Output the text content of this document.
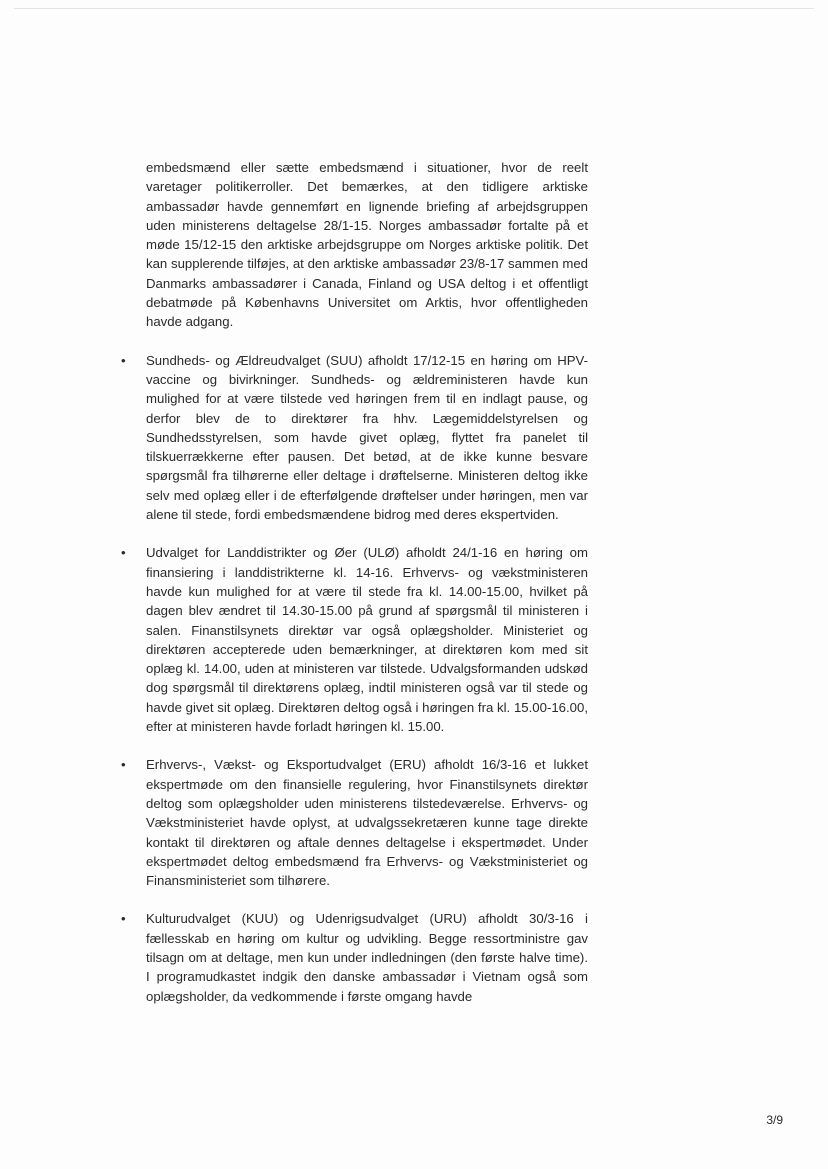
embedsmænd eller sætte embedsmænd i situationer, hvor de reelt varetager politikerroller. Det bemærkes, at den tidligere arktiske ambassadør havde gennemført en lignende briefing af arbejdsgruppen uden ministerens deltagelse 28/1-15. Norges ambassadør fortalte på et møde 15/12-15 den arktiske arbejdsgruppe om Norges arktiske politik. Det kan supplerende tilføjes, at den arktiske ambassadør 23/8-17 sammen med Danmarks ambassadører i Canada, Finland og USA deltog i et offentligt debatmøde på Københavns Universitet om Arktis, hvor offentligheden havde adgang.

• Sundheds- og Ældreudvalget (SUU) afholdt 17/12-15 en høring om HPV-vaccine og bivirkninger. Sundheds- og ældreministeren havde kun mulighed for at være tilstede ved høringen frem til en indlagt pause, og derfor blev de to direktører fra hhv. Lægemiddelstyrelsen og Sundhedsstyrelsen, som havde givet oplæg, flyttet fra panelet til tilskuerrækkerne efter pausen. Det betød, at de ikke kunne besvare spørgsmål fra tilhørerne eller deltage i drøftelserne. Ministeren deltog ikke selv med oplæg eller i de efterfølgende drøftelser under høringen, men var alene til stede, fordi embedsmændene bidrog med deres ekspertviden.
• Udvalget for Landdistrikter og Øer (ULØ) afholdt 24/1-16 en høring om finansiering i landdistrikterne kl. 14-16. Erhvervs- og vækstministeren havde kun mulighed for at være til stede fra kl. 14.00-15.00, hvilket på dagen blev ændret til 14.30-15.00 på grund af spørgsmål til ministeren i salen. Finanstilsynets direktør var også oplægsholder. Ministeriet og direktøren accepterede uden bemærkninger, at direktøren kom med sit oplæg kl. 14.00, uden at ministeren var tilstede. Udvalgsformanden udskød dog spørgsmål til direktørens oplæg, indtil ministeren også var til stede og havde givet sit oplæg. Direktøren deltog også i høringen fra kl. 15.00-16.00, efter at ministeren havde forladt høringen kl. 15.00.
• Erhvervs-, Vækst- og Eksportudvalget (ERU) afholdt 16/3-16 et lukket ekspertmøde om den finansielle regulering, hvor Finanstilsynets direktør deltog som oplægsholder uden ministerens tilstedeværelse. Erhvervs- og Vækstministeriet havde oplyst, at udvalgssekretæren kunne tage direkte kontakt til direktøren og aftale dennes deltagelse i ekspertmødet. Under ekspertmødet deltog embedsmænd fra Erhvervs- og Vækstministeriet og Finansministeriet som tilhørere.
• Kulturudvalget (KUU) og Udenrigsudvalget (URU) afholdt 30/3-16 i fællesskab en høring om kultur og udvikling. Begge ressortministre gav tilsagn om at deltage, men kun under indledningen (den første halve time). I programudkastet indgik den danske ambassadør i Vietnam også som oplægsholder, da vedkommende i første omgang havde
3/9
